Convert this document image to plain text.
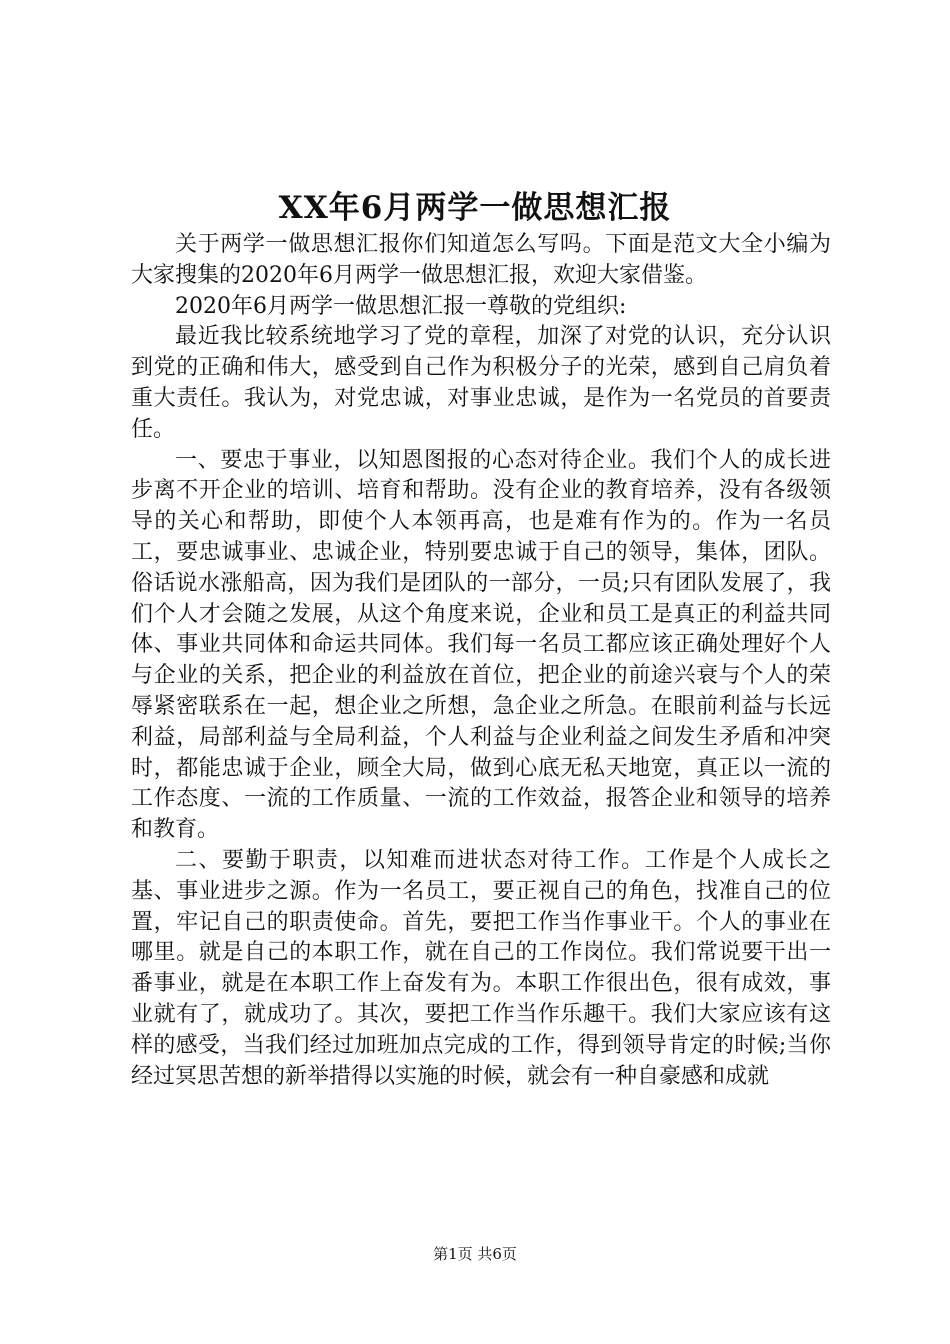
XX年6月两学一做思想汇报

关于两学一做思想汇报你们知道怎么写吗。下面是范文大全小编为大家搜集的2020年6月两学一做思想汇报，欢迎大家借鉴。

2020年6月两学一做思想汇报一尊敬的党组织:

最近我比较系统地学习了党的章程，加深了对党的认识，充分认识到党的正确和伟大，感受到自己作为积极分子的光荣，感到自己肩负着重大责任。我认为，对党忠诚，对事业忠诚，是作为一名党员的首要责任。

一、要忠于事业，以知恩图报的心态对待企业。我们个人的成长进步离不开企业的培训、培育和帮助。没有企业的教育培养，没有各级领导的关心和帮助，即使个人本领再高，也是难有作为的。作为一名员工，要忠诚事业、忠诚企业，特别要忠诚于自己的领导，集体，团队。俗话说水涨船高，因为我们是团队的一部分，一员;只有团队发展了，我们个人才会随之发展，从这个角度来说，企业和员工是真正的利益共同体、事业共同体和命运共同体。我们每一名员工都应该正确处理好个人与企业的关系，把企业的利益放在首位，把企业的前途兴衰与个人的荣辱紧密联系在一起，想企业之所想，急企业之所急。在眼前利益与长远利益，局部利益与全局利益，个人利益与企业利益之间发生矛盾和冲突时，都能忠诚于企业，顾全大局，做到心底无私天地宽，真正以一流的工作态度、一流的工作质量、一流的工作效益，报答企业和领导的培养和教育。

二、要勤于职责，以知难而进状态对待工作。工作是个人成长之基、事业进步之源。作为一名员工，要正视自己的角色，找准自己的位置，牢记自己的职责使命。首先，要把工作当作事业干。个人的事业在哪里。就是自己的本职工作，就在自己的工作岗位。我们常说要干出一番事业，就是在本职工作上奋发有为。本职工作很出色，很有成效，事业就有了，就成功了。其次，要把工作当作乐趣干。我们大家应该有这样的感受，当我们经过加班加点完成的工作，得到领导肯定的时候;当你经过冥思苦想的新举措得以实施的时候，就会有一种自豪感和成就

第1页 共6页
